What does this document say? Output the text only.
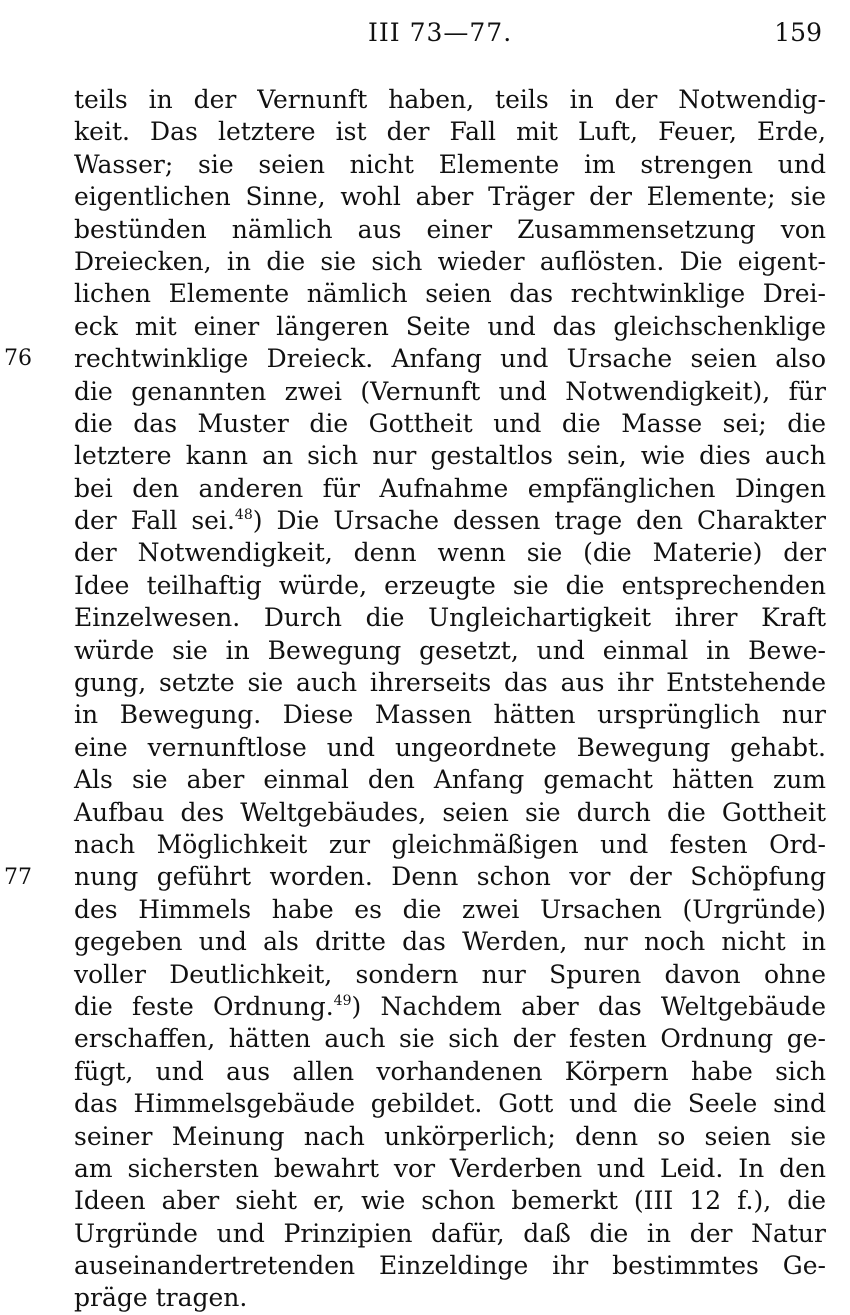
III 73—77.	159
76
77
teils in der Vernunft haben, teils in der Notwendig-
keit. Das letztere ist der Fall mit Luft, Feuer, Erde,
Wasser; sie seien nicht Elemente im strengen und
eigentlichen Sinne, wohl aber Träger der Elemente; sie
bestünden nämlich aus einer Zusammensetzung von
Dreiecken, in die sie sich wieder auflösten. Die eigent-
lichen Elemente nämlich seien das rechtwinklige Drei-
eck mit einer längeren Seite und das gleichschenklige
rechtwinklige Dreieck. Anfang und Ursache seien also
die genannten zwei (Vernunft und Notwendigkeit), für
die das Muster die Gottheit und die Masse sei; die
letztere kann an sich nur gestaltlos sein, wie dies auch
bei den anderen für Aufnahme empfänglichen Dingen
der Fall sei.$^{48}$) Die Ursache dessen trage den Charakter
der Notwendigkeit, denn wenn sie (die Materie) der
Idee teilhaftig würde, erzeugte sie die entsprechenden
Einzelwesen. Durch die Ungleichartigkeit ihrer Kraft
würde sie in Bewegung gesetzt, und einmal in Bewe-
gung, setzte sie auch ihrerseits das aus ihr Entstehende
in Bewegung. Diese Massen hätten ursprünglich nur
eine vernunftlose und ungeordnete Bewegung gehabt.
Als sie aber einmal den Anfang gemacht hätten zum
Aufbau des Weltgebäudes, seien sie durch die Gottheit
nach Möglichkeit zur gleichmäßigen und festen Ord-
nung geführt worden. Denn schon vor der Schöpfung
des Himmels habe es die zwei Ursachen (Urgründe)
gegeben und als dritte das Werden, nur noch nicht in
voller Deutlichkeit, sondern nur Spuren davon ohne
die feste Ordnung.$^{49}$) Nachdem aber das Weltgebäude
erschaffen, hätten auch sie sich der festen Ordnung ge-
fügt, und aus allen vorhandenen Körpern habe sich
das Himmelsgebäude gebildet. Gott und die Seele sind
seiner Meinung nach unkörperlich; denn so seien sie
am sichersten bewahrt vor Verderben und Leid. In den
Ideen aber sieht er, wie schon bemerkt (III 12 f.), die
Urgründe und Prinzipien dafür, daß die in der Natur
auseinandertretenden Einzeldinge ihr bestimmtes Ge-
präge tragen.
